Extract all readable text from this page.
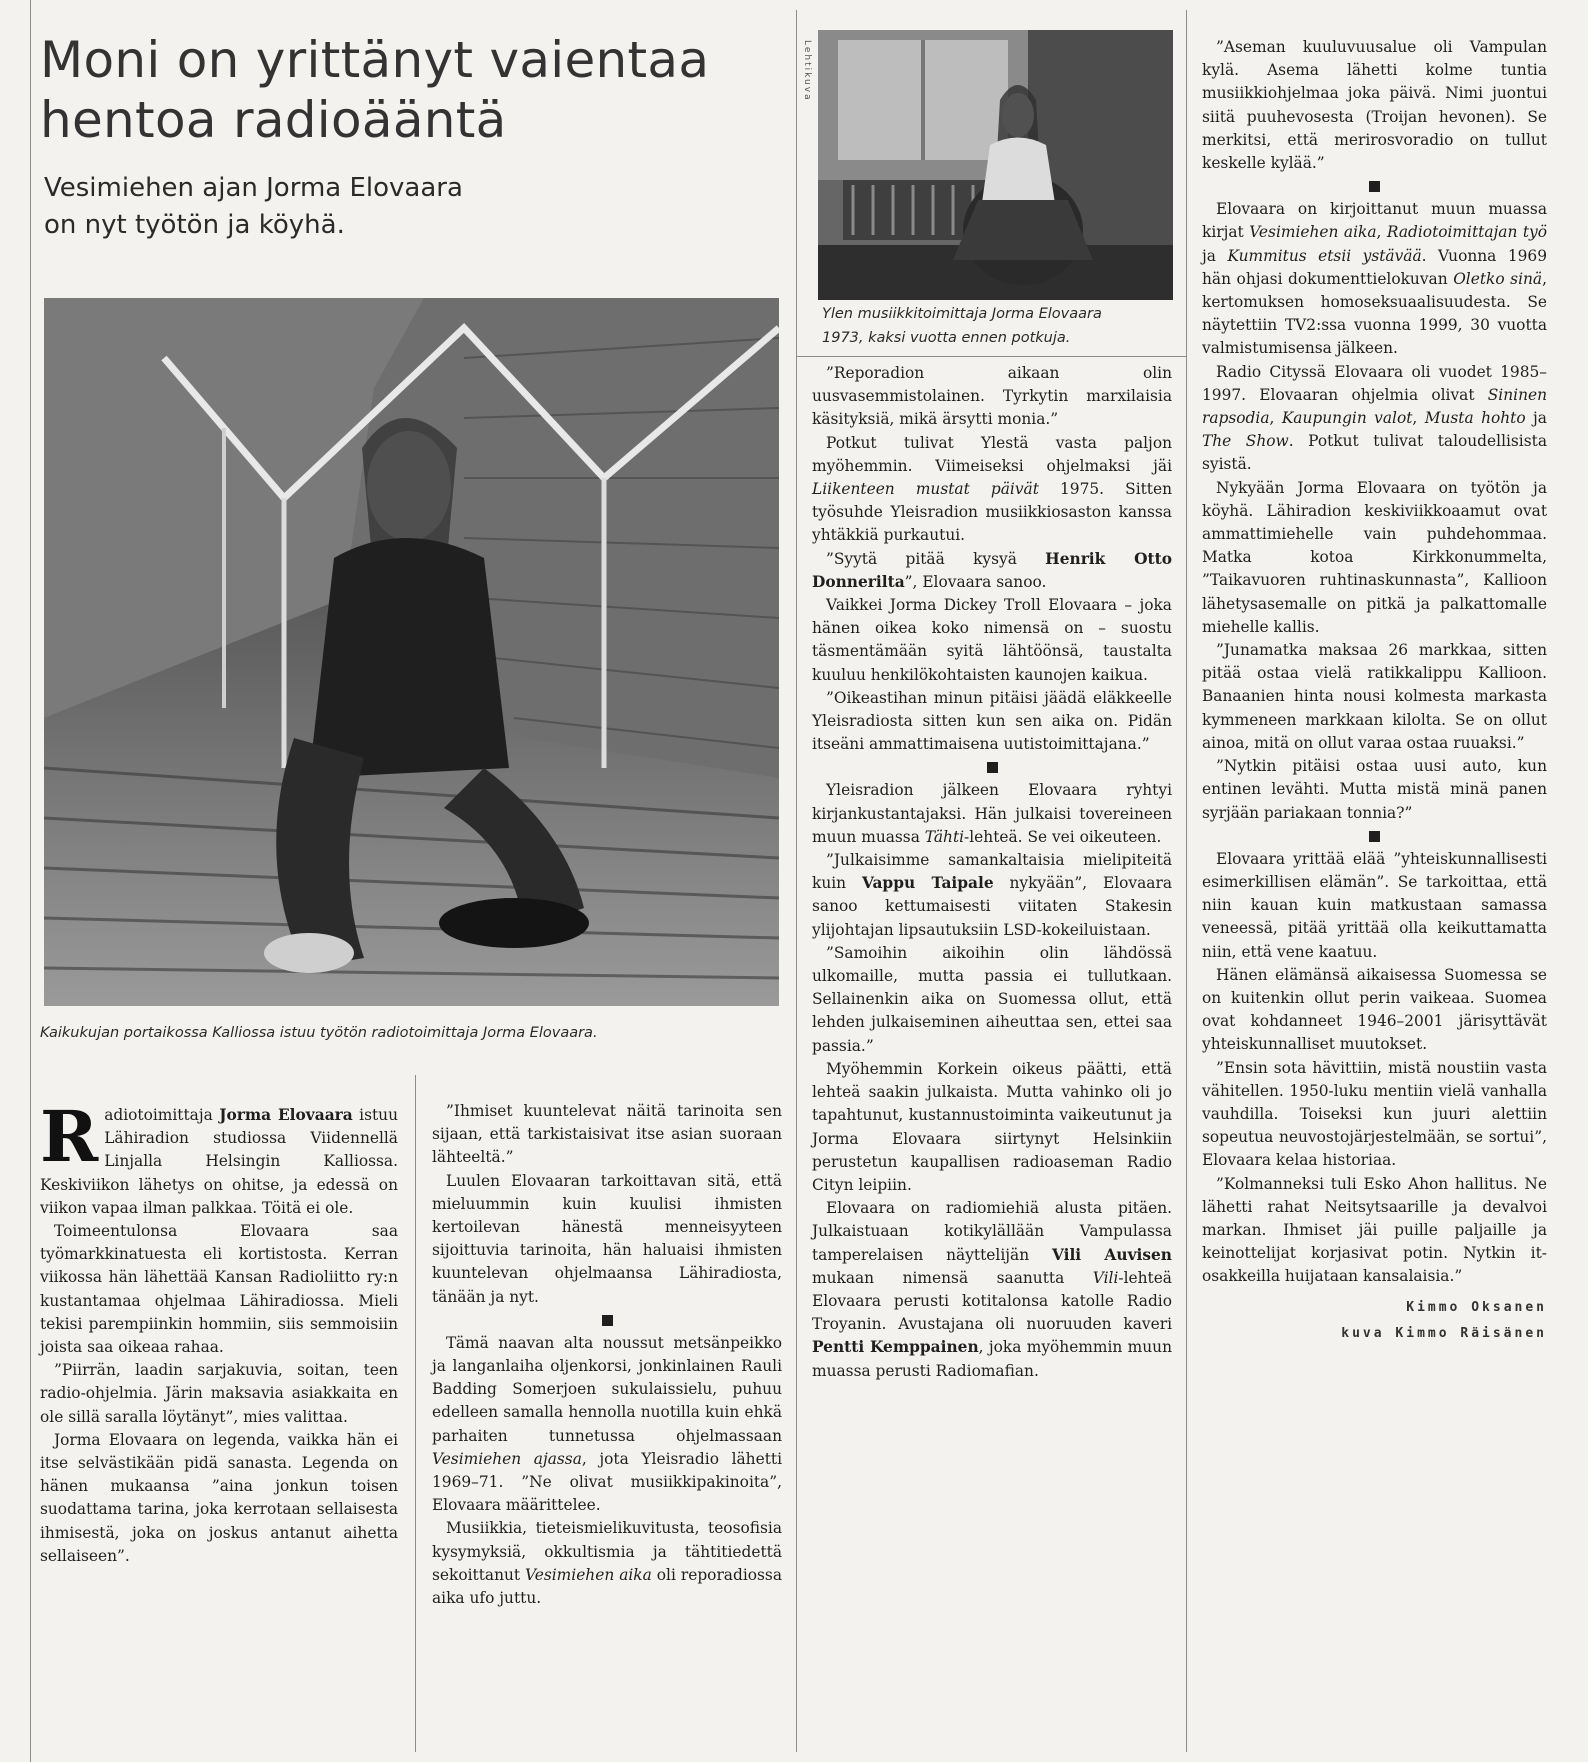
Moni on yrittänyt vaientaa
hentoa radioääntä
Vesimiehen ajan Jorma Elovaara
on nyt työtön ja köyhä.
Kaikukujan portaikossa Kalliossa istuu työtön radiotoimittaja Jorma Elovaara.
Lehtikuva
Ylen musiikkitoimittaja Jorma Elovaara
1973, kaksi vuotta ennen potkuja.

Radiotoimittaja Jorma Elovaara istuu Lähiradion studiossa Viidennellä Linjalla Helsingin Kalliossa. Keskiviikon lähetys on ohitse, ja edessä on viikon vapaa ilman palkkaa. Töitä ei ole.

Toimeentulonsa Elovaara saa työmarkkinatuesta eli kortistosta. Kerran viikossa hän lähettää Kansan Radioliitto ry:n kustantamaa ohjelmaa Lähiradiossa. Mieli tekisi parempiinkin hommiin, siis semmoisiin joista saa oikeaa rahaa.

”Piirrän, laadin sarjakuvia, soitan, teen radio-ohjelmia. Järin maksavia asiakkaita en ole sillä saralla löytänyt”, mies valittaa.

Jorma Elovaara on legenda, vaikka hän ei itse selvästikään pidä sanasta. Legenda on hänen mukaansa ”aina jonkun toisen suodattama tarina, joka kerrotaan sellaisesta ihmisestä, joka on joskus antanut aihetta sellaiseen”.

”Ihmiset kuuntelevat näitä tarinoita sen sijaan, että tarkistaisivat itse asian suoraan lähteeltä.”

Luulen Elovaaran tarkoittavan sitä, että mieluummin kuin kuulisi ihmisten kertoilevan hänestä menneisyyteen sijoittuvia tarinoita, hän haluaisi ihmisten kuuntelevan ohjelmaansa Lähiradiosta, tänään ja nyt.

Tämä naavan alta noussut metsänpeikko ja langanlaiha oljenkorsi, jonkinlainen Rauli Badding Somerjoen sukulaissielu, puhuu edelleen samalla hennolla nuotilla kuin ehkä parhaiten tunnetussa ohjelmassaan Vesimiehen ajassa, jota Yleisradio lähetti 1969–71. ”Ne olivat musiikkipakinoita”, Elovaara määrittelee.

Musiikkia, tieteismielikuvitusta, teosofisia kysymyksiä, okkultismia ja tähtitiedettä sekoittanut Vesimiehen aika oli reporadiossa aika ufo juttu.

”Reporadion aikaan olin uusvasemmistolainen. Tyrkytin marxilaisia käsityksiä, mikä ärsytti monia.”

Potkut tulivat Ylestä vasta paljon myöhemmin. Viimeiseksi ohjelmaksi jäi Liikenteen mustat päivät 1975. Sitten työsuhde Yleisradion musiikkiosaston kanssa yhtäkkiä purkautui.

”Syytä pitää kysyä Henrik Otto Donnerilta”, Elovaara sanoo.

Vaikkei Jorma Dickey Troll Elovaara – joka hänen oikea koko nimensä on – suostu täsmentämään syitä lähtöönsä, taustalta kuuluu henkilökohtaisten kaunojen kaikua.

”Oikeastihan minun pitäisi jäädä eläkkeelle Yleisradiosta sitten kun sen aika on. Pidän itseäni ammattimaisena uutistoimittajana.”

Yleisradion jälkeen Elovaara ryhtyi kirjankustantajaksi. Hän julkaisi tovereineen muun muassa Tähti-lehteä. Se vei oikeuteen.

”Julkaisimme samankaltaisia mielipiteitä kuin Vappu Taipale nykyään”, Elovaara sanoo kettumaisesti viitaten Stakesin ylijohtajan lipsautuksiin LSD-kokeiluistaan.

”Samoihin aikoihin olin lähdössä ulkomaille, mutta passia ei tullutkaan. Sellainenkin aika on Suomessa ollut, että lehden julkaiseminen aiheuttaa sen, ettei saa passia.”

Myöhemmin Korkein oikeus päätti, että lehteä saakin julkaista. Mutta vahinko oli jo tapahtunut, kustannustoiminta vaikeutunut ja Jorma Elovaara siirtynyt Helsinkiin perustetun kaupallisen radioaseman Radio Cityn leipiin.

Elovaara on radiomiehiä alusta pitäen. Julkaistuaan kotikylällään Vampulassa tamperelaisen näyttelijän Vili Auvisen mukaan nimensä saanutta Vili-lehteä Elovaara perusti kotitalonsa katolle Radio Troyanin. Avustajana oli nuoruuden kaveri Pentti Kemppainen, joka myöhemmin muun muassa perusti Radiomafian.

”Aseman kuuluvuusalue oli Vampulan kylä. Asema lähetti kolme tuntia musiikkiohjelmaa joka päivä. Nimi juontui siitä puuhevosesta (Troijan hevonen). Se merkitsi, että merirosvoradio on tullut keskelle kylää.”

Elovaara on kirjoittanut muun muassa kirjat Vesimiehen aika, Radiotoimittajan työ ja Kummitus etsii ystävää. Vuonna 1969 hän ohjasi dokumenttielokuvan Oletko sinä, kertomuksen homoseksuaalisuudesta. Se näytettiin TV2:ssa vuonna 1999, 30 vuotta valmistumisensa jälkeen.

Radio Cityssä Elovaara oli vuodet 1985–1997. Elovaaran ohjelmia olivat Sininen rapsodia, Kaupungin valot, Musta hohto ja The Show. Potkut tulivat taloudellisista syistä.

Nykyään Jorma Elovaara on työtön ja köyhä. Lähiradion keskiviikkoaamut ovat ammattimiehelle vain puhdehommaa. Matka kotoa Kirkkonummelta, ”Taikavuoren ruhtinaskunnasta”, Kallioon lähetysasemalle on pitkä ja palkattomalle miehelle kallis.

”Junamatka maksaa 26 markkaa, sitten pitää ostaa vielä ratikkalippu Kallioon. Banaanien hinta nousi kolmesta markasta kymmeneen markkaan kilolta. Se on ollut ainoa, mitä on ollut varaa ostaa ruuaksi.”

”Nytkin pitäisi ostaa uusi auto, kun entinen levähti. Mutta mistä minä panen syrjään pariakaan tonnia?”

Elovaara yrittää elää ”yhteiskunnallisesti esimerkillisen elämän”. Se tarkoittaa, että niin kauan kuin matkustaan samassa veneessä, pitää yrittää olla keikuttamatta niin, että vene kaatuu.

Hänen elämänsä aikaisessa Suomessa se on kuitenkin ollut perin vaikeaa. Suomea ovat kohdanneet 1946–2001 järisyttävät yhteiskunnalliset muutokset.

”Ensin sota hävittiin, mistä noustiin vasta vähitellen. 1950-luku mentiin vielä vanhalla vauhdilla. Toiseksi kun juuri alettiin sopeutua neuvostojärjestelmään, se sortui”, Elovaara kelaa historiaa.

”Kolmanneksi tuli Esko Ahon hallitus. Ne lähetti rahat Neitsytsaarille ja devalvoi markan. Ihmiset jäi puille paljaille ja keinottelijat korjasivat potin. Nytkin it-osakkeilla huijataan kansalaisia.”

Kimmo Oksanen
kuva Kimmo Räisänen
